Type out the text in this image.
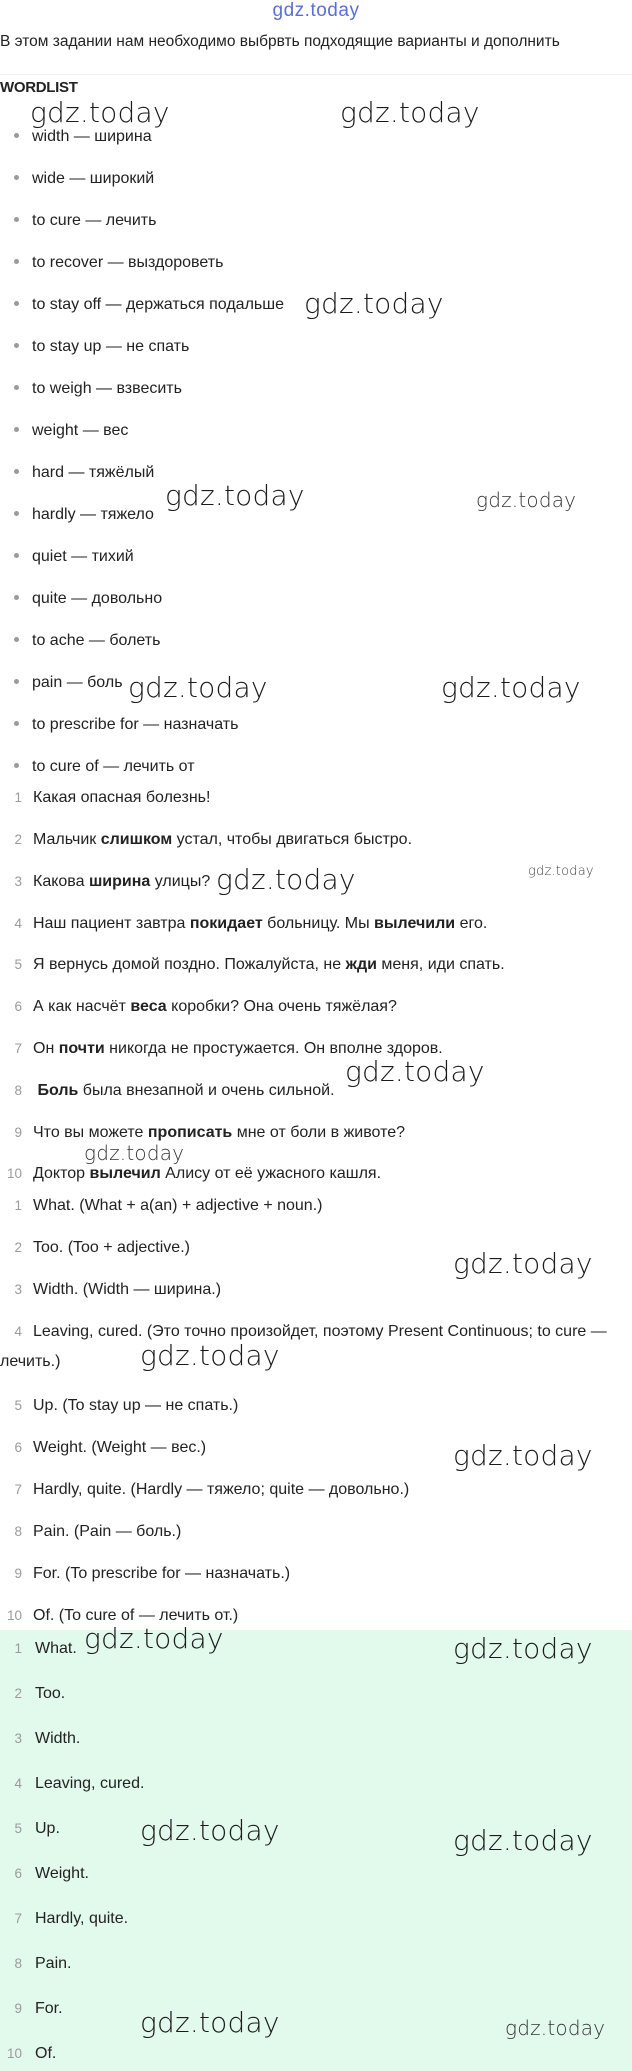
gdz.today
В этом задании нам необходимо выбрвть подходящие варианты и дополнить
WORDLIST
width — ширина
wide — широкий
to cure — лечить
to recover — выздороветь
to stay off — держаться подальше
to stay up — не спать
to weigh — взвесить
weight — вес
hard — тяжёлый
hardly — тяжело
quiet — тихий
quite — довольно
to ache — болеть
pain — боль
to prescribe for — назначать
to cure of — лечить от
1 Какая опасная болезнь!
2 Мальчик слишком устал, чтобы двигаться быстро.
3 Какова ширина улицы?
4 Наш пациент завтра покидает больницу. Мы вылечили его.
5 Я вернусь домой поздно. Пожалуйста, не жди меня, иди спать.
6 А как насчёт веса коробки? Она очень тяжёлая?
7 Он почти никогда не простужается. Он вполне здоров.
8 Боль была внезапной и очень сильной.
9 Что вы можете прописать мне от боли в животе?
10 Доктор вылечил Алису от её ужасного кашля.
1 What. (What + a(an) + adjective + noun.)
2 Too. (Too + adjective.)
3 Width. (Width — ширина.)
4 Leaving, cured. (Это точно произойдет, поэтому Present Continuous; to cure — лечить.)
5 Up. (To stay up — не спать.)
6 Weight. (Weight — вес.)
7 Hardly, quite. (Hardly — тяжело; quite — довольно.)
8 Pain. (Pain — боль.)
9 For. (To prescribe for — назначать.)
10 Of. (To cure of — лечить от.)
1 What.
2 Too.
3 Width.
4 Leaving, cured.
5 Up.
6 Weight.
7 Hardly, quite.
8 Pain.
9 For.
10 Of.
gdz.today	gdz.today
gdz.today
gdz.today	gdz.today
gdz.today	gdz.today
gdz.today	gdz.today
gdz.today
gdz.today
gdz.today
gdz.today
gdz.today
gdz.today	gdz.today
gdz.today	gdz.today
gdz.today	gdz.today
